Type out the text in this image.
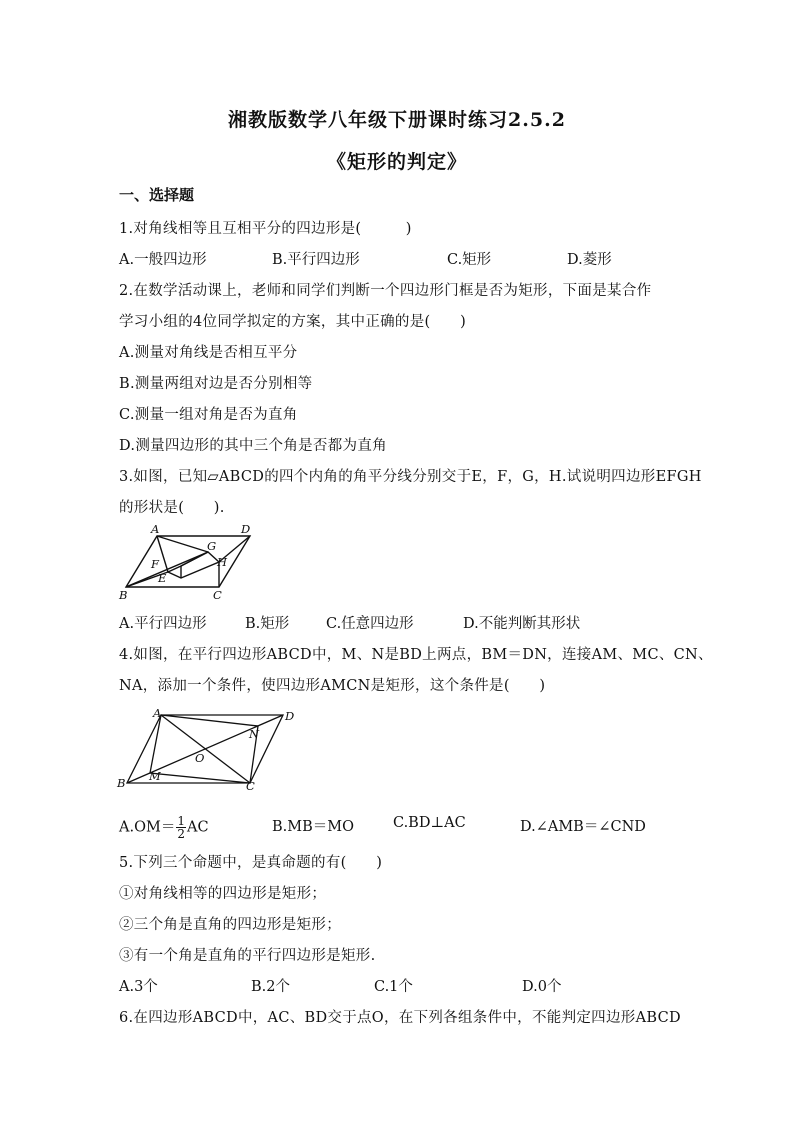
湘教版数学八年级下册课时练习2.5.2
《矩形的判定》
一、选择题
1.对角线相等且互相平分的四边形是(　　　)
A.一般四边形	B.平行四边形	C.矩形	D.菱形
2.在数学活动课上，老师和同学们判断一个四边形门框是否为矩形，下面是某合作
学习小组的4位同学拟定的方案，其中正确的是(　　)
A.测量对角线是否相互平分
B.测量两组对边是否分别相等
C.测量一组对角是否为直角
D.测量四边形的其中三个角是否都为直角
3.如图，已知▱ABCD的四个内角的角平分线分别交于E，F，G，H.试说明四边形EFGH
的形状是(　　).
A	D
B	C
G
F	H
E
A.平行四边形	B.矩形	C.任意四边形	D.不能判断其形状
4.如图，在平行四边形ABCD中，M、N是BD上两点，BM＝DN，连接AM、MC、CN、
NA，添加一个条件，使四边形AMCN是矩形，这个条件是(　　)
A	D
B	C
N
M
O
$A.OM= \frac{1}{2}$ AC	B.MB＝MO	C.BD⊥AC	D.∠AMB＝∠CND
5.下列三个命题中，是真命题的有(　　)
①对角线相等的四边形是矩形；
②三个角是直角的四边形是矩形；
③有一个角是直角的平行四边形是矩形.
A.3个	B.2个	C.1个	D.0个
6.在四边形ABCD中，AC、BD交于点O，在下列各组条件中，不能判定四边形ABCD
